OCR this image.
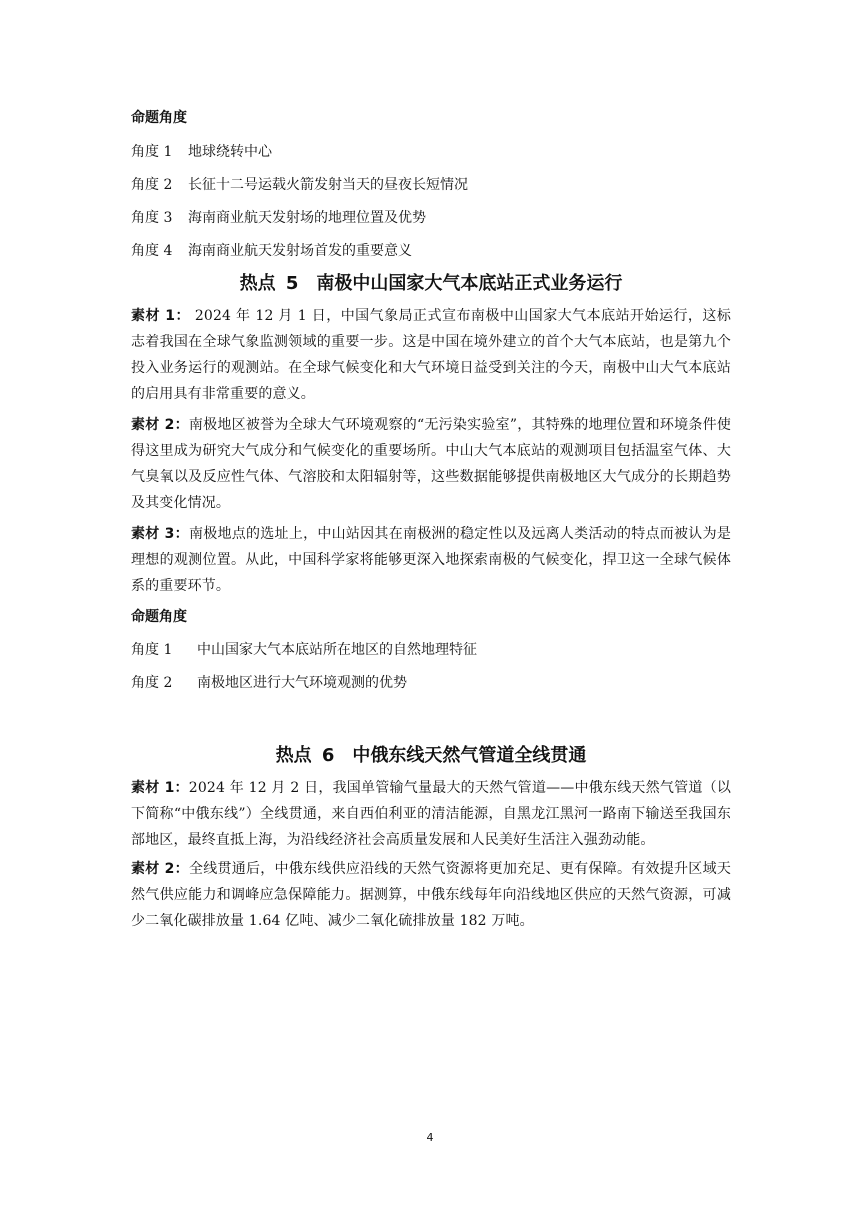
命题角度

角度 1	地球绕转中心
角度 2	长征十二号运载火箭发射当天的昼夜长短情况
角度 3	海南商业航天发射场的地理位置及优势
角度 4	海南商业航天发射场首发的重要意义
热点 5　南极中山国家大气本底站正式业务运行

素材 1： 2024 年 12 月 1 日，中国气象局正式宣布南极中山国家大气本底站开始运行，这标志着我国在全球气象监测领域的重要一步。这是中国在境外建立的首个大气本底站，也是第九个投入业务运行的观测站。在全球气候变化和大气环境日益受到关注的今天，南极中山大气本底站的启用具有非常重要的意义。

素材 2：南极地区被誉为全球大气环境观察的“无污染实验室”，其特殊的地理位置和环境条件使得这里成为研究大气成分和气候变化的重要场所。中山大气本底站的观测项目包括温室气体、大气臭氧以及反应性气体、气溶胶和太阳辐射等，这些数据能够提供南极地区大气成分的长期趋势及其变化情况。

素材 3：南极地点的选址上，中山站因其在南极洲的稳定性以及远离人类活动的特点而被认为是理想的观测位置。从此，中国科学家将能够更深入地探索南极的气候变化，捍卫这一全球气候体系的重要环节。

命题角度

角度 1	中山国家大气本底站所在地区的自然地理特征
角度 2	南极地区进行大气环境观测的优势
热点 6　中俄东线天然气管道全线贯通

素材 1：2024 年 12 月 2 日，我国单管输气量最大的天然气管道——中俄东线天然气管道（以下简称“中俄东线”）全线贯通，来自西伯利亚的清洁能源，自黑龙江黑河一路南下输送至我国东部地区，最终直抵上海，为沿线经济社会高质量发展和人民美好生活注入强劲动能。

素材 2：全线贯通后，中俄东线供应沿线的天然气资源将更加充足、更有保障。有效提升区域天然气供应能力和调峰应急保障能力。据测算，中俄东线每年向沿线地区供应的天然气资源，可减少二氧化碳排放量 1.64 亿吨、减少二氧化硫排放量 182 万吨。

4
